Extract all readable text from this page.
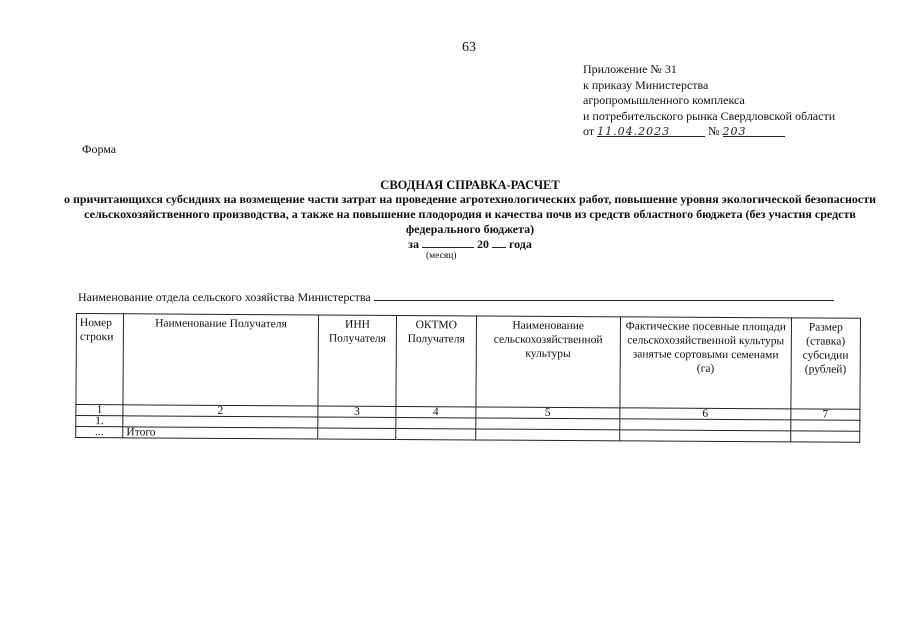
63
Приложение № 31
к приказу Министерства
агропромышленного комплекса
и потребительского рынка Свердловской области
от 11.04.2023	№ 203
Форма
СВОДНАЯ СПРАВКА-РАСЧЕТ
о причитающихся субсидиях на возмещение части затрат на проведение агротехнологических работ, повышение уровня экологической безопасности сельскохозяйственного производства, а также на повышение плодородия и качества почв из средств областного бюджета (без участия средств федерального бюджета)
за	20 года
(месяц)
Наименование отдела сельского хозяйства Министерства
Номер строки	Наименование Получателя	ИНН Получателя	ОКТМО Получателя	Наименование сельскохозяйственной культуры	Фактические посевные площади сельскохозяйственной культуры занятые сортовыми семенами (га)	Размер (ставка) субсидии (рублей)
1	2	3	4	5	6	7
1.						
...	Итого					
